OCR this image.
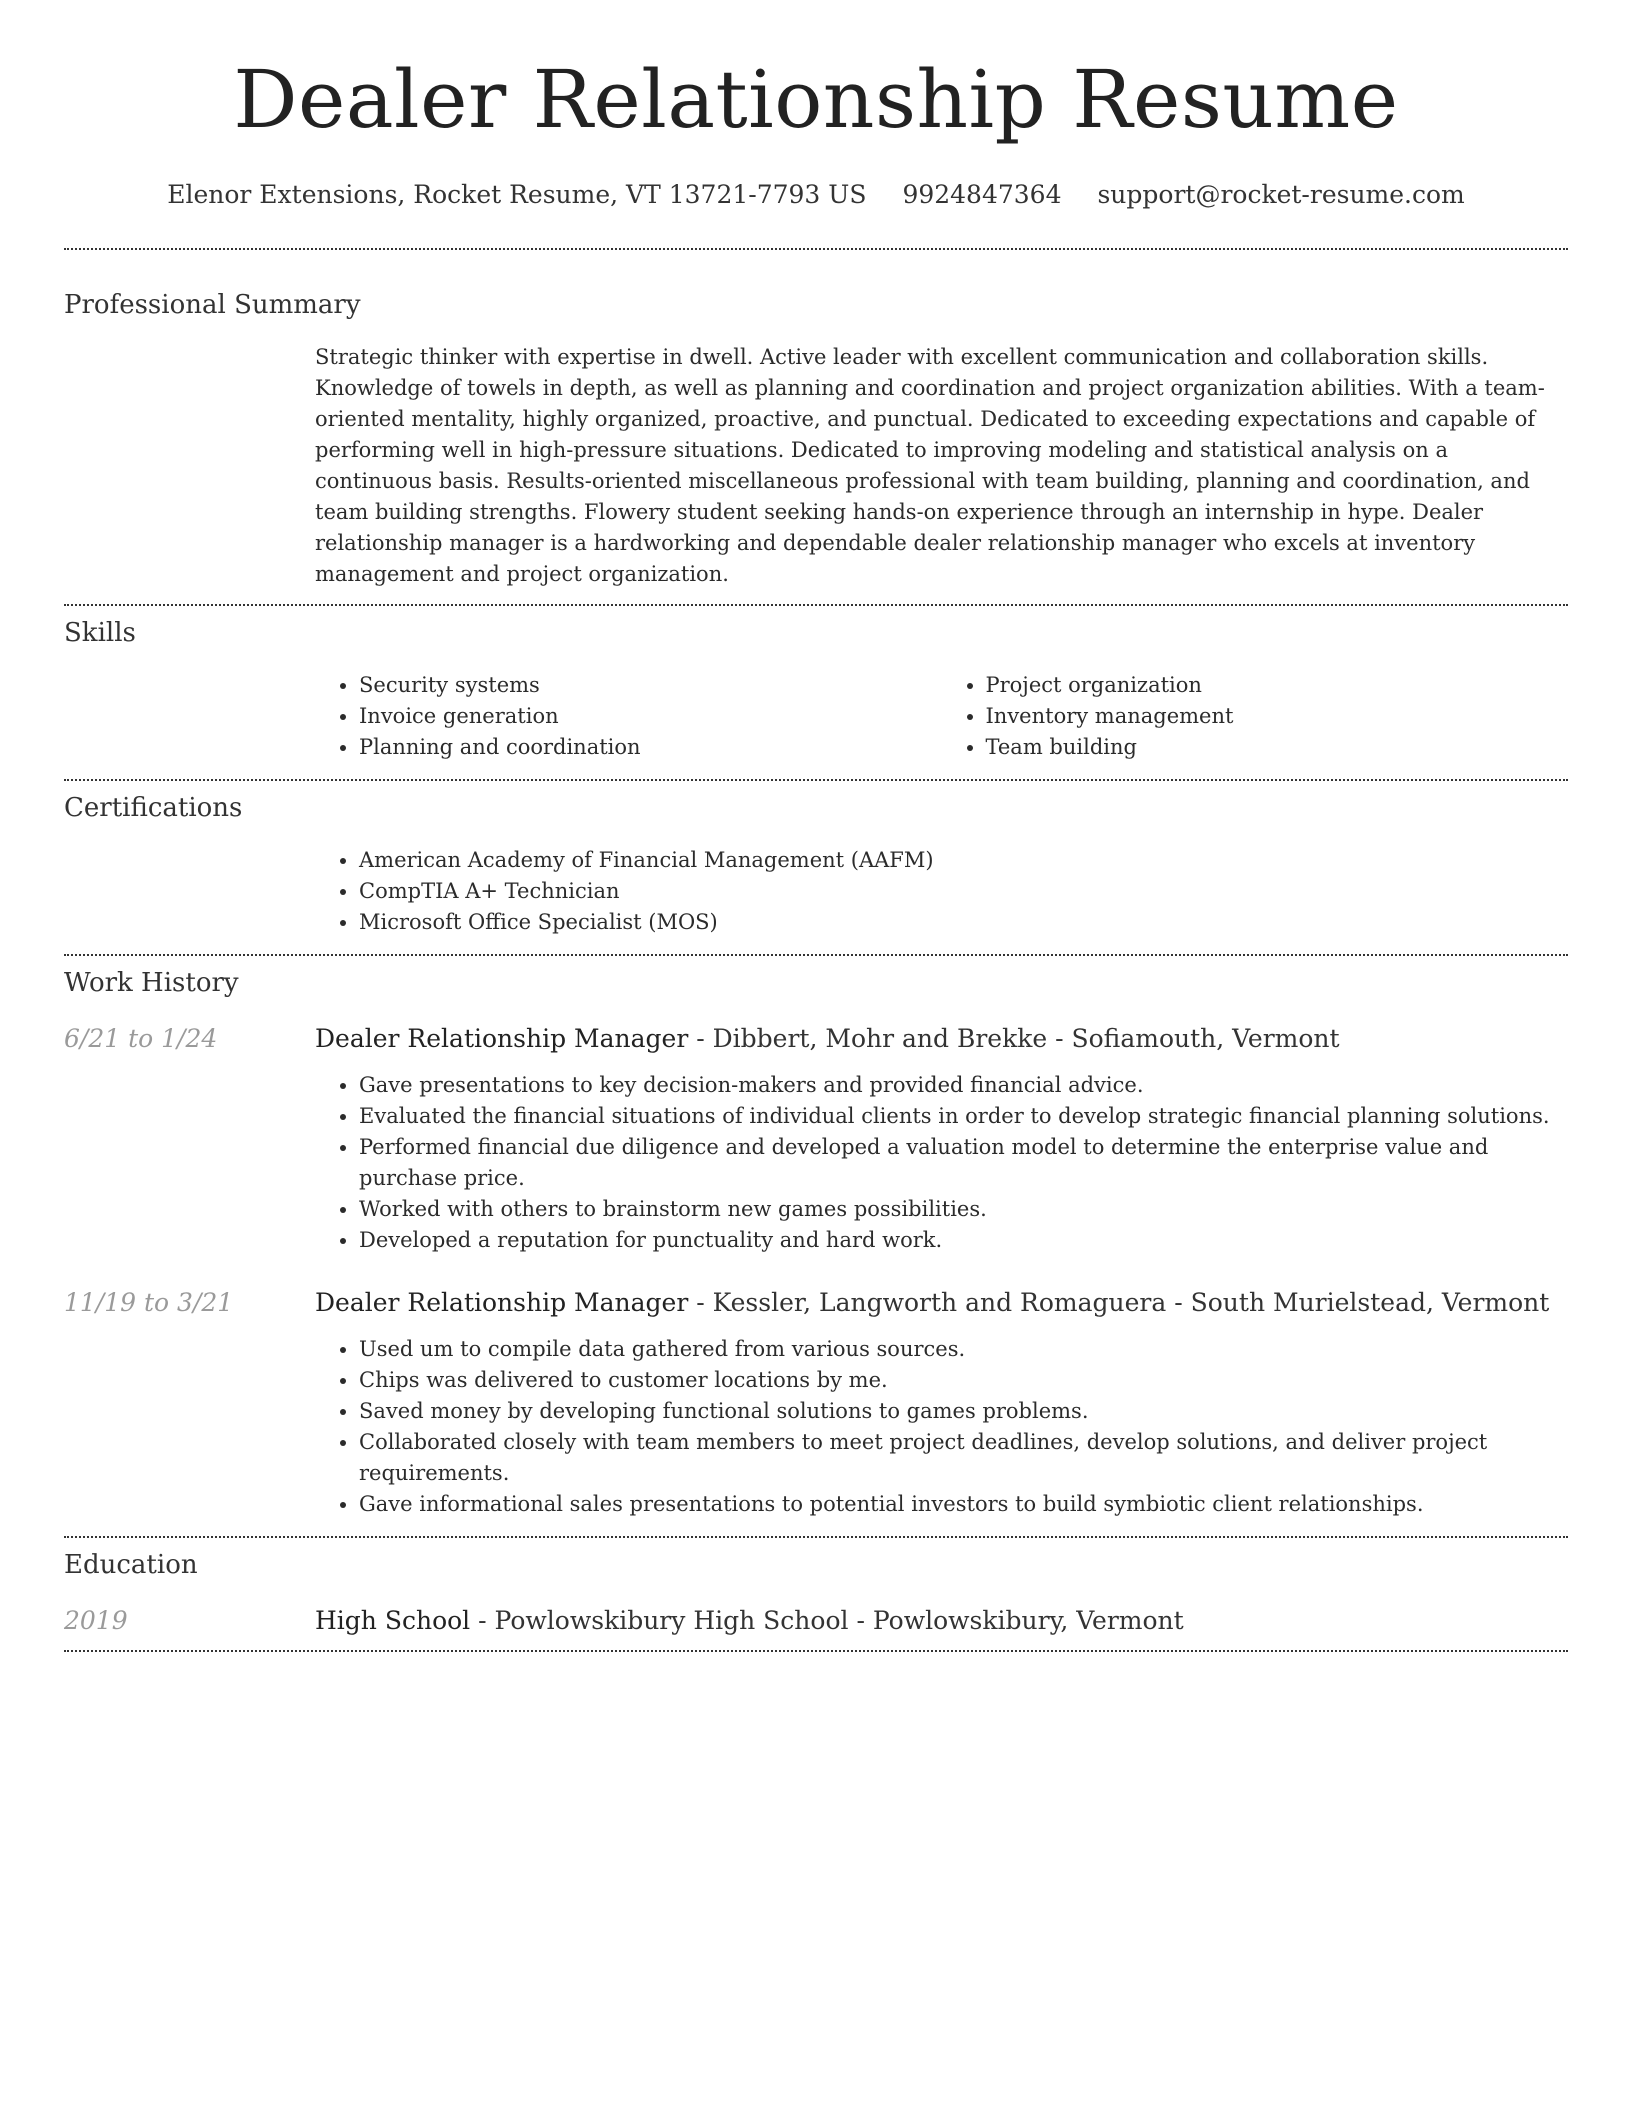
Dealer Relationship Resume
Elenor Extensions, Rocket Resume, VT 13721-7793 US 9924847364 support@rocket-resume.com
Professional Summary

Strategic thinker with expertise in dwell. Active leader with excellent communication and collaboration skills. Knowledge of towels in depth, as well as planning and coordination and project organization abilities. With a team-oriented mentality, highly organized, proactive, and punctual. Dedicated to exceeding expectations and capable of performing well in high-pressure situations. Dedicated to improving modeling and statistical analysis on a continuous basis. Results-oriented miscellaneous professional with team building, planning and coordination, and team building strengths. Flowery student seeking hands-on experience through an internship in hype. Dealer relationship manager is a hardworking and dependable dealer relationship manager who excels at inventory management and project organization.

Skills
• Security systems
• Invoice generation
• Planning and coordination
• Project organization
• Inventory management
• Team building
Certifications
• American Academy of Financial Management (AAFM)
• CompTIA A+ Technician
• Microsoft Office Specialist (MOS)
Work History
6/21 to 1/24	Dealer Relationship Manager - Dibbert, Mohr and Brekke - Sofiamouth, Vermont

• Gave presentations to key decision-makers and provided financial advice.
• Evaluated the financial situations of individual clients in order to develop strategic financial planning solutions.
• Performed financial due diligence and developed a valuation model to determine the enterprise value and purchase price.
• Worked with others to brainstorm new games possibilities.
• Developed a reputation for punctuality and hard work.
11/19 to 3/21	Dealer Relationship Manager - Kessler, Langworth and Romaguera - South Murielstead, Vermont

• Used um to compile data gathered from various sources.
• Chips was delivered to customer locations by me.
• Saved money by developing functional solutions to games problems.
• Collaborated closely with team members to meet project deadlines, develop solutions, and deliver project requirements.
• Gave informational sales presentations to potential investors to build symbiotic client relationships.
Education
2019	High School - Powlowskibury High School - Powlowskibury, Vermont
